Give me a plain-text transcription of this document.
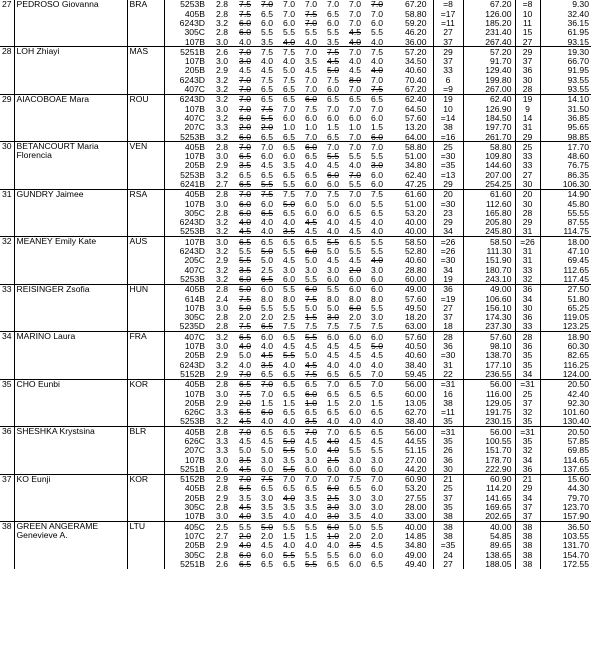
27	PEDROSO Giovanna	BRA	5253B	2.8	7.5	7.0	7.0	7.0	7.0	7.0	7.0	67.20	=8	67.20	=8	9.30
			405B	2.8	7.5	6.5	7.0	7.5	6.5	7.0	7.0	58.80	=17	126.00	10	32.40
			6243D	3.2	6.0	6.0	6.0	7.0	6.0	7.0	6.0	59.20	=11	185.20	11	36.15
			305C	2.8	6.0	5.5	5.5	5.5	5.5	4.5	5.5	46.20	27	231.40	15	61.95
			107B	3.0	4.0	3.5	4.0	4.0	3.5	4.0	4.0	36.00	37	267.40	27	93.15
28	LOH Zhiayi	MAS	5251B	2.6	7.0	7.5	7.5	7.0	7.5	7.0	7.5	57.20	29	57.20	29	19.30
			107B	3.0	3.0	4.0	4.0	3.5	4.5	4.0	4.0	34.50	37	91.70	37	66.70
			205B	2.9	4.5	4.5	5.0	4.5	5.0	4.5	4.0	40.60	33	129.40	36	91.95
			6243D	3.2	7.0	7.5	7.5	7.0	7.5	8.0	7.0	70.40	6	199.80	30	93.55
			407C	3.2	7.0	6.5	6.5	7.0	6.0	7.0	7.5	67.20	=9	267.00	28	93.55
29	AIACOBOAE Mara	ROU	6243D	3.2	7.0	6.5	6.5	6.0	6.5	6.5	6.5	62.40	19	62.40	19	14.10
			107B	3.0	7.0	7.5	7.0	7.5	7.0	7.0	7.0	64.50	10	126.90	9	31.50
			407C	3.2	6.0	5.5	6.0	6.0	6.0	6.0	6.0	57.60	=14	184.50	14	36.85
			207C	3.3	2.0	2.0	1.0	1.0	1.5	1.0	1.5	13.20	38	197.70	31	95.65
			5253B	3.2	6.0	6.5	6.5	7.0	6.5	7.0	6.0	64.00	=16	261.70	29	98.85
30	BETANCOURT Maria Florencia	VEN	405B	2.8	7.0	7.0	6.5	6.0	7.0	7.0	7.0	58.80	25	58.80	25	17.70
			107B	3.0	6.5	6.0	6.0	6.5	5.5	5.5	5.5	51.00	=30	109.80	33	48.60
			205B	2.9	3.5	4.5	3.5	4.0	4.5	4.0	3.0	34.80	=35	144.60	33	76.75
			5253B	3.2	6.5	6.5	6.5	6.5	6.0	7.0	6.0	62.40	=13	207.00	27	86.35
			6241B	2.7	6.5	5.5	5.5	6.0	6.0	5.5	6.0	47.25	29	254.25	30	106.30
31	GUNDRY Jaimee	RSA	405B	2.8	7.0	7.5	7.5	7.0	7.5	7.0	7.5	61.60	20	61.60	20	14.90
			107B	3.0	6.0	6.0	5.0	6.0	5.0	6.0	5.5	51.00	=30	112.60	30	45.80
			305C	2.8	6.0	6.5	6.5	6.0	6.0	6.5	6.5	53.20	23	165.80	28	55.55
			6243D	3.2	4.0	4.0	4.0	4.5	4.0	4.5	4.0	40.00	29	205.80	29	87.55
			5253B	3.2	4.5	4.0	3.5	4.5	4.0	4.5	4.0	40.00	34	245.80	31	114.75
32	MEANEY Emily Kate	AUS	107B	3.0	6.5	6.5	6.5	6.5	5.5	6.5	5.5	58.50	=26	58.50	=26	18.00
			6243D	3.2	5.5	5.0	5.5	6.0	5.0	5.5	5.5	52.80	=26	111.30	31	47.10
			205C	2.9	5.5	5.0	4.5	5.0	4.5	4.5	4.0	40.60	=30	151.90	31	69.45
			407C	3.2	3.5	2.5	3.0	3.0	3.0	2.0	3.0	28.80	34	180.70	33	112.65
			5253B	3.2	6.0	6.5	6.0	5.5	6.0	6.0	6.0	60.00	19	243.10	32	117.45
33	REISINGER Zsofia	HUN	405B	2.8	5.0	6.0	5.5	6.0	5.5	6.0	6.0	49.00	36	49.00	36	27.50
			614B	2.4	7.5	8.0	8.0	7.5	8.0	8.0	8.0	57.60	=19	106.60	34	51.80
			107B	3.0	5.0	5.5	5.5	5.0	5.0	6.0	5.5	49.50	27	156.10	30	65.25
			305C	2.8	2.0	2.0	2.5	1.5	3.0	2.0	3.0	18.20	37	174.30	36	119.05
			5235D	2.8	7.5	6.5	7.5	7.5	7.5	7.5	7.5	63.00	18	237.30	33	123.25
34	MARINO Laura	FRA	407C	3.2	6.5	6.0	6.5	5.5	6.0	6.0	6.0	57.60	28	57.60	28	18.90
			107B	3.0	4.0	4.0	4.5	4.5	4.5	4.5	5.0	40.50	36	98.10	36	60.30
			205B	2.9	5.0	4.5	5.5	5.0	4.5	4.5	4.5	40.60	=30	138.70	35	82.65
			6243D	3.2	4.0	3.5	4.0	4.5	4.0	4.0	4.0	38.40	31	177.10	35	116.25
			5152B	2.9	7.0	6.5	6.5	7.5	6.5	6.5	7.0	59.45	22	236.55	34	124.00
35	CHO Eunbi	KOR	405B	2.8	6.5	7.0	6.5	6.5	7.0	6.5	7.0	56.00	=31	56.00	=31	20.50
			107B	3.0	7.5	7.0	6.5	6.0	6.5	6.5	6.5	60.00	16	116.00	25	42.40
			205B	2.9	2.0	1.5	1.5	1.0	1.5	2.0	1.5	13.05	38	129.05	37	92.30
			626C	3.3	6.5	6.0	6.5	6.5	6.5	6.0	6.5	62.70	=11	191.75	32	101.60
			5253B	3.2	4.5	4.0	4.0	3.5	4.0	4.0	4.0	38.40	35	230.15	35	130.40
36	SHESHKA Krystsina	BLR	405B	2.8	7.0	6.5	6.5	7.0	7.0	6.5	6.5	56.00	=31	56.00	=31	20.50
			626C	3.3	4.5	4.5	5.0	4.5	4.0	4.5	4.5	44.55	35	100.55	35	57.85
			207C	3.3	5.0	5.0	5.5	5.0	4.0	5.5	5.5	51.15	26	151.70	32	69.85
			107B	3.0	3.5	3.0	3.5	3.0	2.5	3.0	3.0	27.00	36	178.70	34	114.65
			5251B	2.6	4.5	6.0	5.5	6.0	6.0	6.0	6.0	44.20	30	222.90	36	137.65
37	KO Eunji	KOR	5152B	2.9	7.0	7.5	7.0	7.0	7.0	7.5	7.0	60.90	21	60.90	21	15.60
			405B	2.8	6.5	6.5	6.5	6.5	6.0	6.5	6.0	53.20	25	114.20	29	44.30
			205B	2.9	3.5	3.0	4.0	3.5	2.5	3.0	3.0	27.55	37	141.65	34	79.70
			305C	2.8	4.5	3.5	3.5	3.5	3.0	3.0	3.0	28.00	35	169.65	37	123.70
			107B	3.0	4.0	3.5	4.0	4.0	3.0	3.5	4.0	33.00	38	202.65	37	157.90
38	GREEN ANGERAME Genevieve A.	LTU	405C	2.5	5.5	5.0	5.5	5.5	6.0	5.0	5.5	40.00	38	40.00	38	36.50
			107C	2.7	2.0	2.0	1.5	1.5	1.0	2.0	2.0	14.85	38	54.85	38	103.55
			205B	2.9	4.0	4.5	4.0	4.0	4.0	3.5	4.5	34.80	=35	89.65	38	131.70
			305C	2.8	6.0	6.0	5.5	5.5	5.5	6.0	6.0	49.00	24	138.65	38	154.70
			5251B	2.6	6.5	6.5	6.5	5.5	6.5	6.0	6.5	49.40	27	188.05	38	172.55
